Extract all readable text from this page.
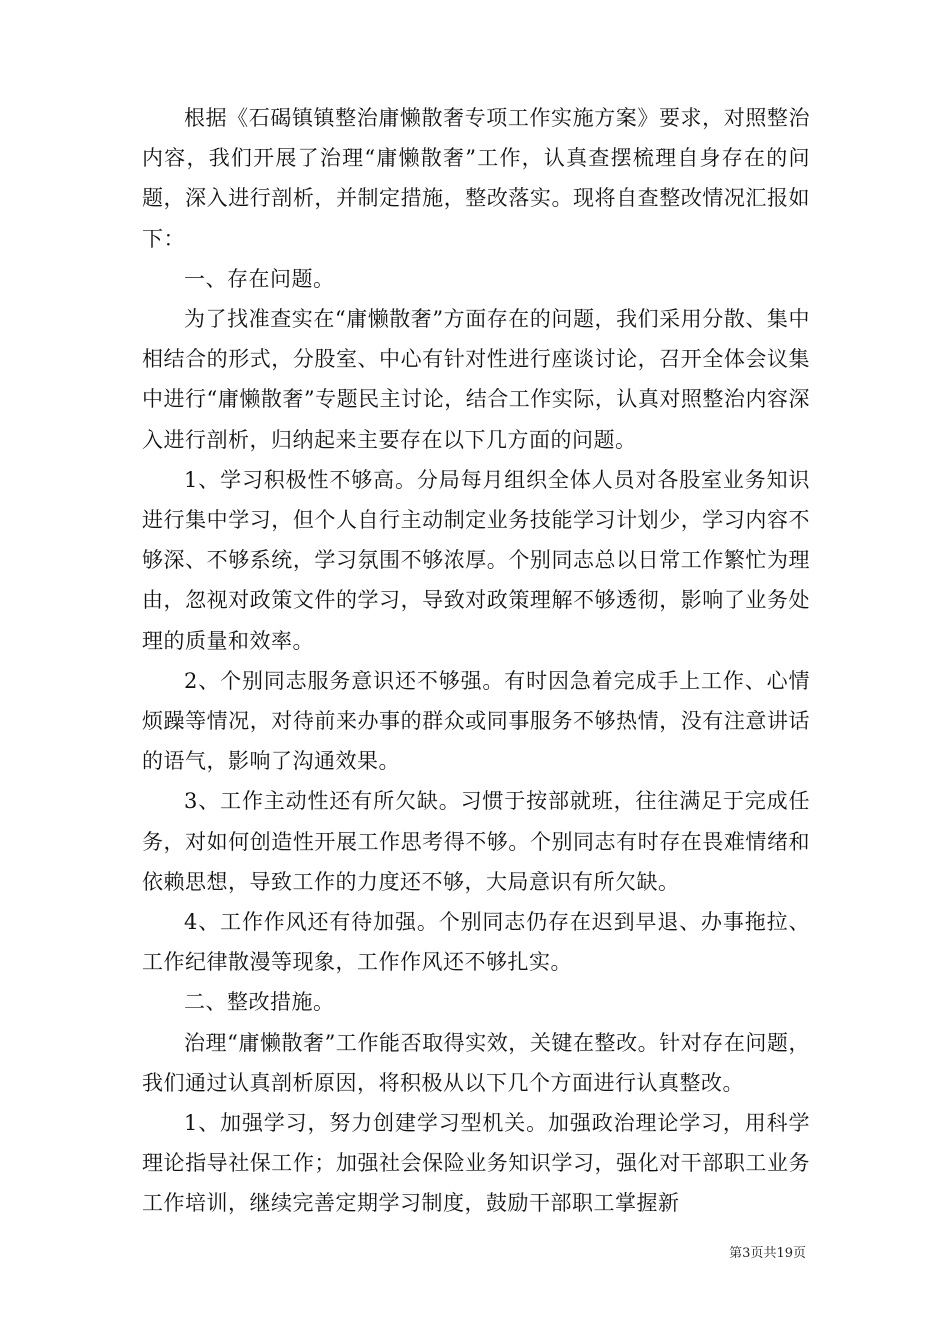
根据《石碣镇镇整治庸懒散奢专项工作实施方案》要求，对照整治内容，我们开展了治理“庸懒散奢”工作，认真查摆梳理自身存在的问题，深入进行剖析，并制定措施，整改落实。现将自查整改情况汇报如下：

一、存在问题。

为了找准查实在“庸懒散奢”方面存在的问题，我们采用分散、集中相结合的形式，分股室、中心有针对性进行座谈讨论，召开全体会议集中进行“庸懒散奢”专题民主讨论，结合工作实际，认真对照整治内容深入进行剖析，归纳起来主要存在以下几方面的问题。

1、学习积极性不够高。分局每月组织全体人员对各股室业务知识进行集中学习，但个人自行主动制定业务技能学习计划少，学习内容不够深、不够系统，学习氛围不够浓厚。个别同志总以日常工作繁忙为理由，忽视对政策文件的学习，导致对政策理解不够透彻，影响了业务处理的质量和效率。

2、个别同志服务意识还不够强。有时因急着完成手上工作、心情烦躁等情况，对待前来办事的群众或同事服务不够热情，没有注意讲话的语气，影响了沟通效果。

3、工作主动性还有所欠缺。习惯于按部就班，往往满足于完成任务，对如何创造性开展工作思考得不够。个别同志有时存在畏难情绪和依赖思想，导致工作的力度还不够，大局意识有所欠缺。

4、工作作风还有待加强。个别同志仍存在迟到早退、办事拖拉、工作纪律散漫等现象，工作作风还不够扎实。

二、整改措施。

治理“庸懒散奢”工作能否取得实效，关键在整改。针对存在问题，我们通过认真剖析原因，将积极从以下几个方面进行认真整改。

1、加强学习，努力创建学习型机关。加强政治理论学习，用科学理论指导社保工作；加强社会保险业务知识学习，强化对干部职工业务工作培训，继续完善定期学习制度，鼓励干部职工掌握新

第3页共19页
